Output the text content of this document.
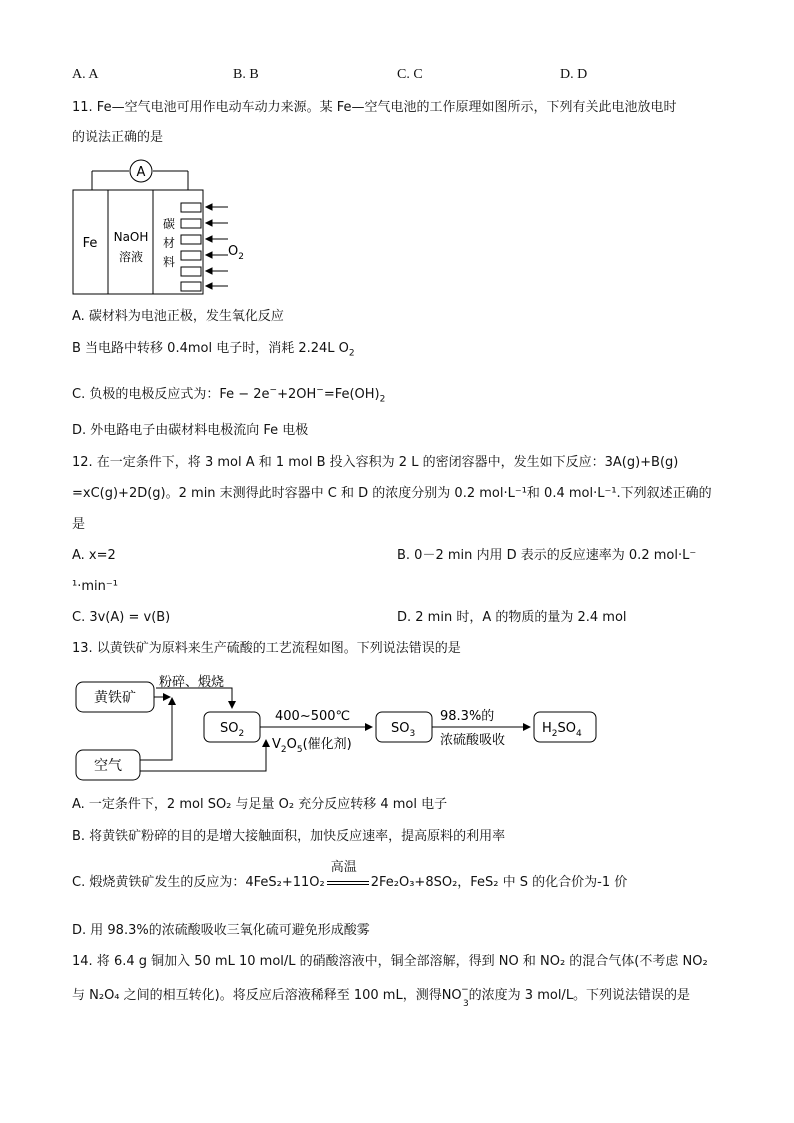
A. A	B. B	C. C	D. D
11. Fe—空气电池可用作电动车动力来源。某 Fe—空气电池的工作原理如图所示，下列有关此电池放电时
的说法正确的是
A
Fe NaOH
溶液
碳
材
料
$O_2$
A. 碳材料为电池正极，发生氧化反应
B 当电路中转移 0.4mol 电子时，消耗 2.24L $O_2$
C. 负极的电极反应式为：$Fe - 2e^-+2OH^-=Fe(OH)_2$
D. 外电路电子由碳材料电极流向 Fe 电极
12. 在一定条件下，将 3 mol A 和 1 mol B 投入容积为 2 L 的密闭容器中，发生如下反应：3A(g)+B(g)
=xC(g)+2D(g)。2 min 末测得此时容器中 C 和 D 的浓度分别为 0.2 mol·L⁻¹和 0.4 mol·L⁻¹.下列叙述正确的
是
A. x=2	B. 0－2 min 内用 D 表示的反应速率为 0.2 mol·L⁻
¹·min⁻¹
C. 3v(A) = v(B)	D. 2 min 时，A 的物质的量为 2.4 mol
13. 以黄铁矿为原料来生产硫酸的工艺流程如图。下列说法错误的是
黄铁矿
粉碎、煅烧
空气
$SO_2$
400~500℃
$V_2O_5$(催化剂)
$SO_3$
98.3%的
浓硫酸吸收
$H_2SO_4$
A. 一定条件下，2 mol SO₂ 与足量 O₂ 充分反应转移 4 mol 电子
B. 将黄铁矿粉碎的目的是增大接触面积，加快反应速率，提高原料的利用率
C. 煅烧黄铁矿发生的反应为：4FeS₂+11O₂
高温
2Fe₂O₃+8SO₂，FeS₂ 中 S 的化合价为-1 价
D. 用 98.3%的浓硫酸吸收三氧化硫可避免形成酸雾
14. 将 6.4 g 铜加入 50 mL 10 mol/L 的硝酸溶液中，铜全部溶解，得到 NO 和 NO₂ 的混合气体(不考虑 NO₂
与 N₂O₄ 之间的相互转化)。将反应后溶液稀释至 100 mL，测得NO −
3
的浓度为 3 mol/L。下列说法错误的是
